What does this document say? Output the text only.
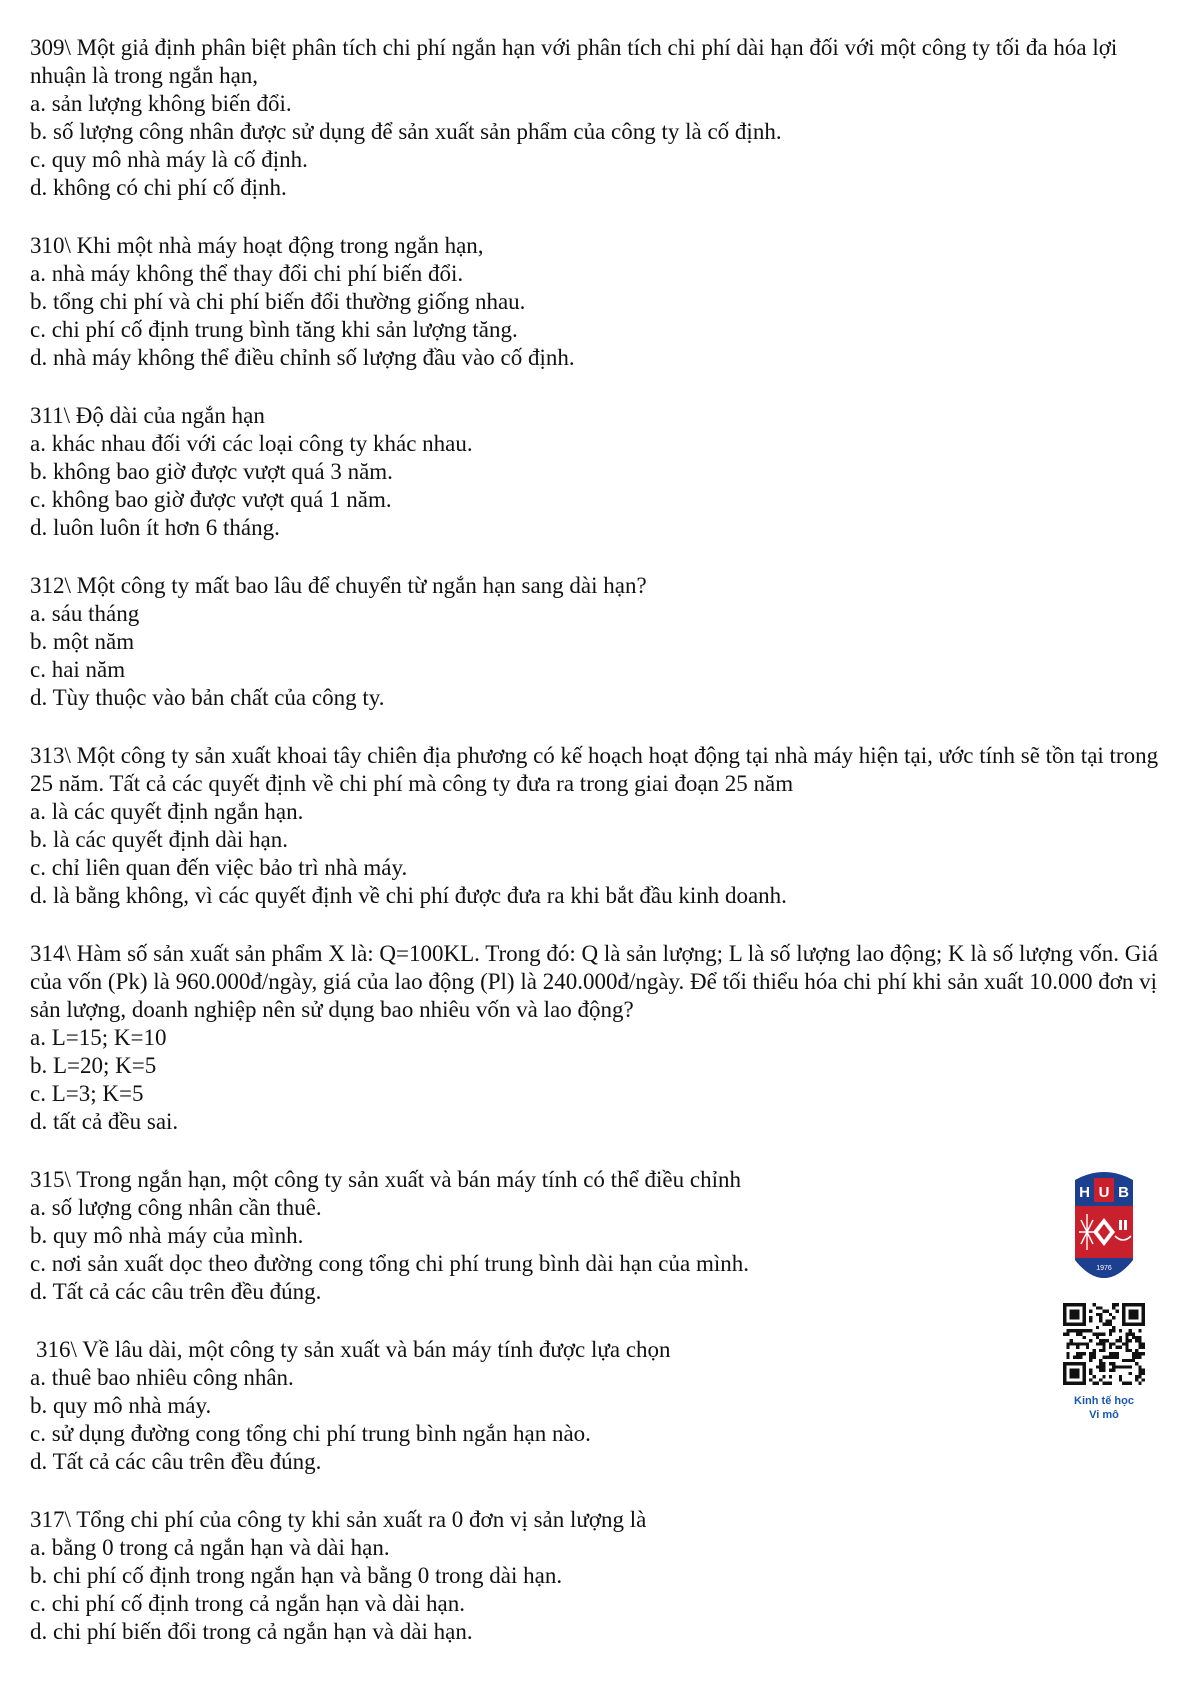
309\ Một giả định phân biệt phân tích chi phí ngắn hạn với phân tích chi phí dài hạn đối với một công ty tối đa hóa lợi nhuận là trong ngắn hạn,

a. sản lượng không biến đổi.

b. số lượng công nhân được sử dụng để sản xuất sản phẩm của công ty là cố định.

c. quy mô nhà máy là cố định.

d. không có chi phí cố định.

310\ Khi một nhà máy hoạt động trong ngắn hạn,

a. nhà máy không thể thay đổi chi phí biến đổi.

b. tổng chi phí và chi phí biến đổi thường giống nhau.

c. chi phí cố định trung bình tăng khi sản lượng tăng.

d. nhà máy không thể điều chỉnh số lượng đầu vào cố định.

311\ Độ dài của ngắn hạn

a. khác nhau đối với các loại công ty khác nhau.

b. không bao giờ được vượt quá 3 năm.

c. không bao giờ được vượt quá 1 năm.

d. luôn luôn ít hơn 6 tháng.

312\ Một công ty mất bao lâu để chuyển từ ngắn hạn sang dài hạn?

a. sáu tháng

b. một năm

c. hai năm

d. Tùy thuộc vào bản chất của công ty.

313\ Một công ty sản xuất khoai tây chiên địa phương có kế hoạch hoạt động tại nhà máy hiện tại, ước tính sẽ tồn tại trong 25 năm. Tất cả các quyết định về chi phí mà công ty đưa ra trong giai đoạn 25 năm

a. là các quyết định ngắn hạn.

b. là các quyết định dài hạn.

c. chỉ liên quan đến việc bảo trì nhà máy.

d. là bằng không, vì các quyết định về chi phí được đưa ra khi bắt đầu kinh doanh.

314\ Hàm số sản xuất sản phẩm X là: Q=100KL. Trong đó: Q là sản lượng; L là số lượng lao động; K là số lượng vốn. Giá của vốn (Pk) là 960.000đ/ngày, giá của lao động (Pl) là 240.000đ/ngày. Để tối thiểu hóa chi phí khi sản xuất 10.000 đơn vị sản lượng, doanh nghiệp nên sử dụng bao nhiêu vốn và lao động?

a. L=15; K=10

b. L=20; K=5

c. L=3; K=5

d. tất cả đều sai.

315\ Trong ngắn hạn, một công ty sản xuất và bán máy tính có thể điều chỉnh

a. số lượng công nhân cần thuê.

b. quy mô nhà máy của mình.

c. nơi sản xuất dọc theo đường cong tổng chi phí trung bình dài hạn của mình.

d. Tất cả các câu trên đều đúng.

316\ Về lâu dài, một công ty sản xuất và bán máy tính được lựa chọn

a. thuê bao nhiêu công nhân.

b. quy mô nhà máy.

c. sử dụng đường cong tổng chi phí trung bình ngắn hạn nào.

d. Tất cả các câu trên đều đúng.

317\ Tổng chi phí của công ty khi sản xuất ra 0 đơn vị sản lượng là

a. bằng 0 trong cả ngắn hạn và dài hạn.

b. chi phí cố định trong ngắn hạn và bằng 0 trong dài hạn.

c. chi phí cố định trong cả ngắn hạn và dài hạn.

d. chi phí biến đổi trong cả ngắn hạn và dài hạn.

H U B
1976

Kinh tế học
Vi mô
